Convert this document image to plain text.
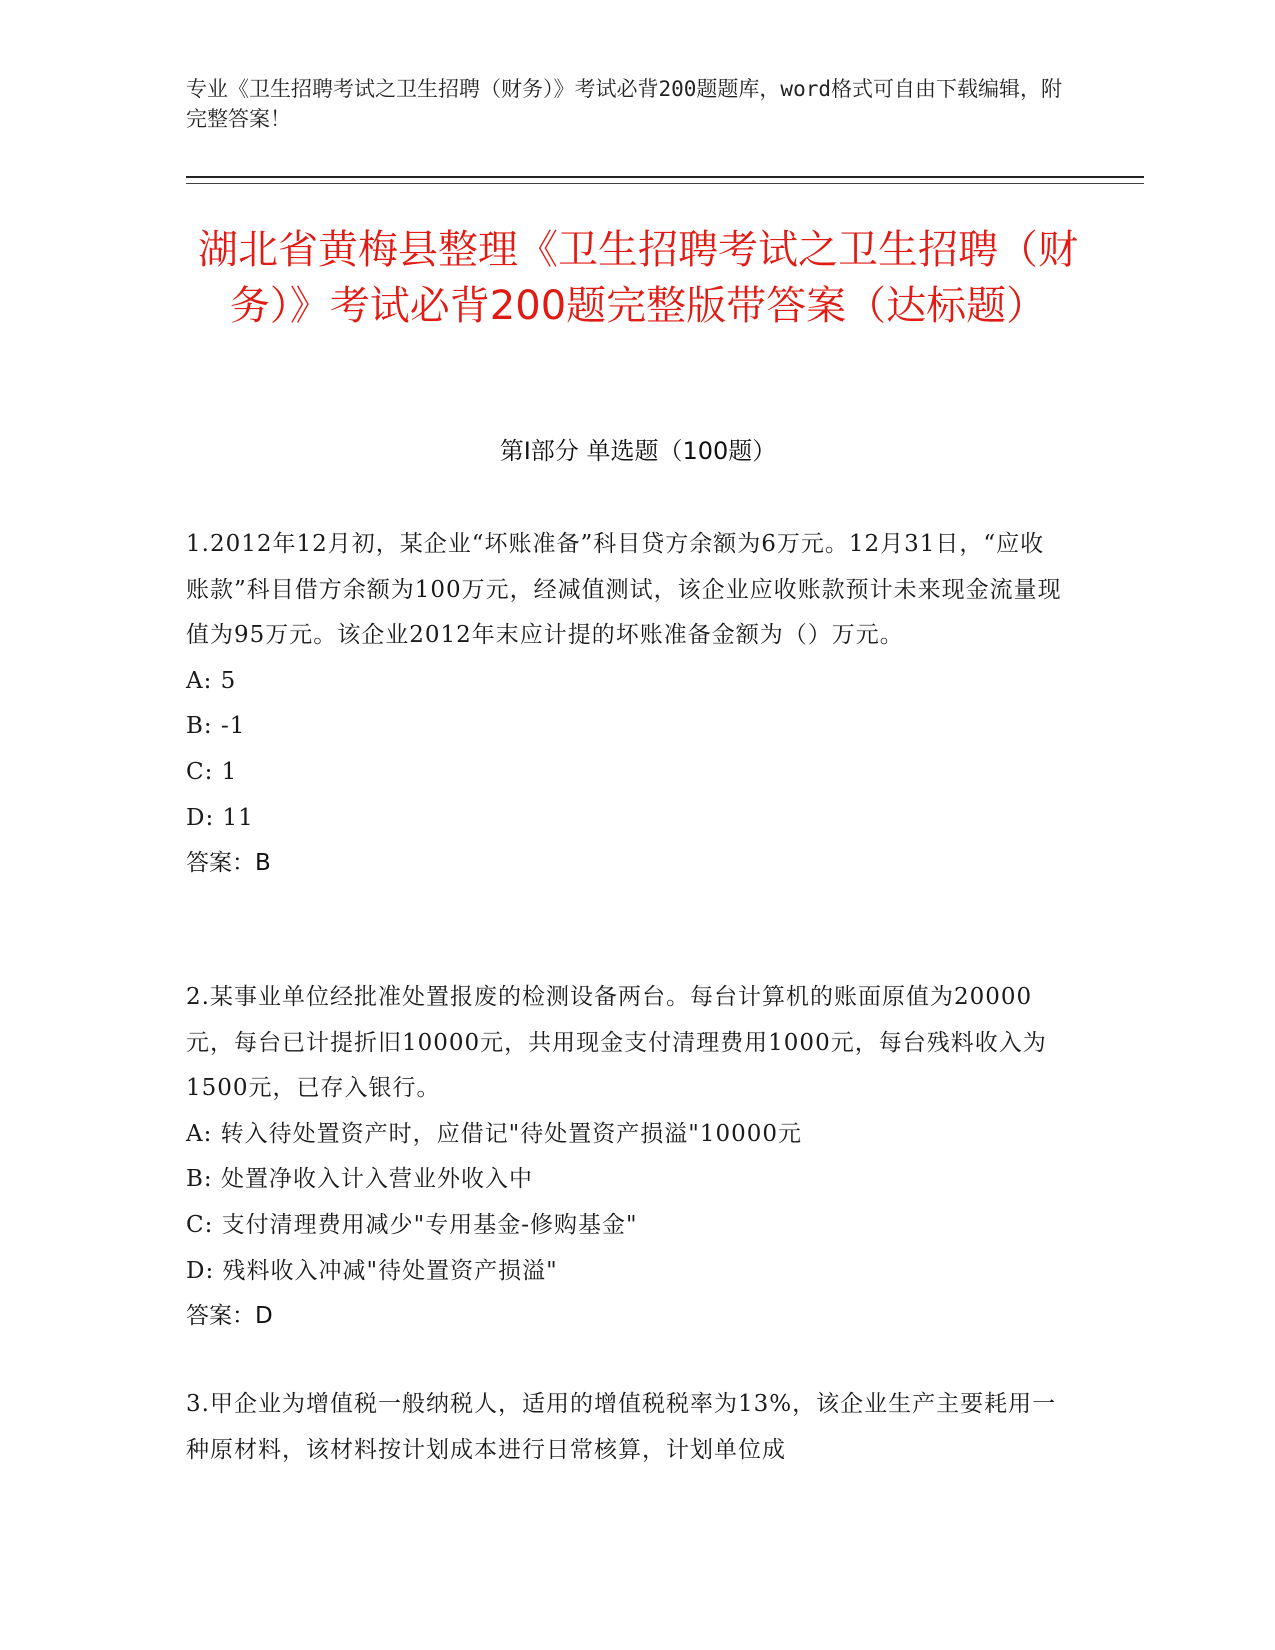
专业《卫生招聘考试之卫生招聘（财务）》考试必背200题题库，word格式可自由下载编辑，附完整答案！
湖北省黄梅县整理《卫生招聘考试之卫生招聘（财务）》考试必背200题完整版带答案（达标题）
第I部分 单选题（100题）
1.2012年12月初，某企业“坏账准备”科目贷方余额为6万元。12月31日，“应收账款”科目借方余额为100万元，经减值测试，该企业应收账款预计未来现金流量现值为95万元。该企业2012年末应计提的坏账准备金额为（）万元。
A: 5
B: -1
C: 1
D: 11
答案：B
2.某事业单位经批准处置报废的检测设备两台。每台计算机的账面原值为20000元，每台已计提折旧10000元，共用现金支付清理费用1000元，每台残料收入为1500元，已存入银行。
A: 转入待处置资产时，应借记"待处置资产损溢"10000元
B: 处置净收入计入营业外收入中
C: 支付清理费用减少"专用基金-修购基金"
D: 残料收入冲减"待处置资产损溢"
答案：D
3.甲企业为增值税一般纳税人，适用的增值税税率为13%，该企业生产主要耗用一种原材料，该材料按计划成本进行日常核算，计划单位成
